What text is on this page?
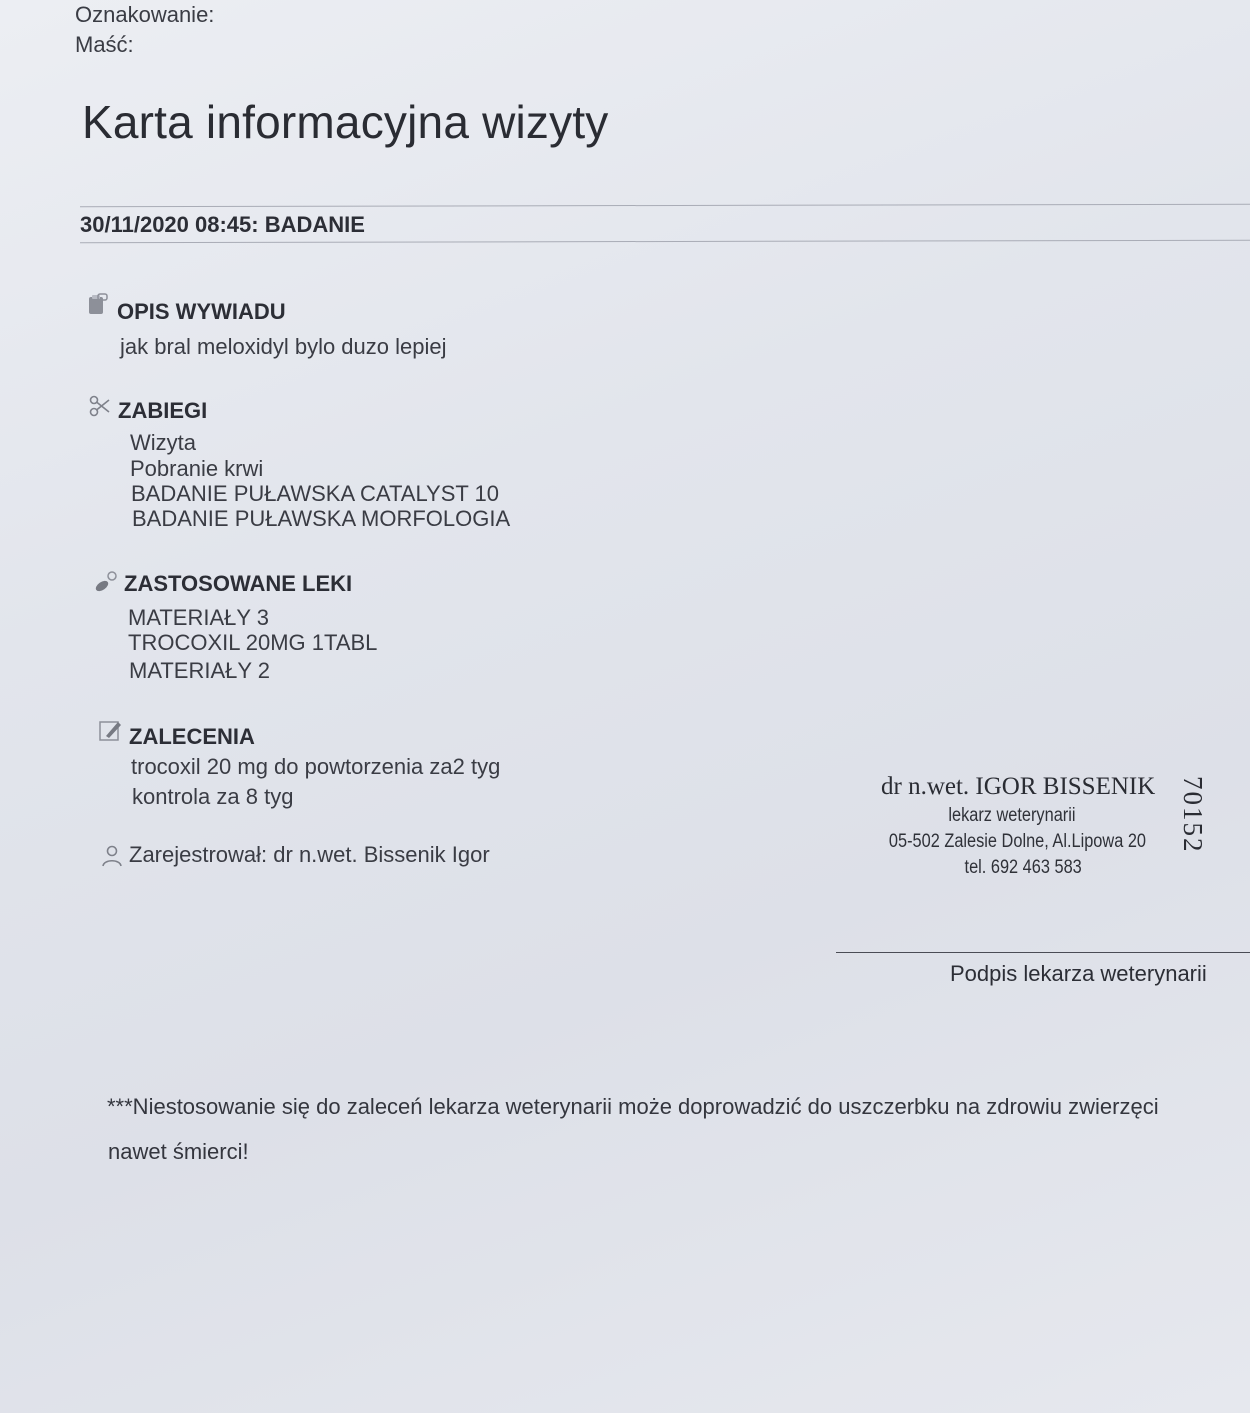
Oznakowanie:
Maść:
Karta informacyjna wizyty
30/11/2020 08:45: BADANIE
OPIS WYWIADU
jak bral meloxidyl bylo duzo lepiej
ZABIEGI
Wizyta
Pobranie krwi
BADANIE PUŁAWSKA CATALYST 10
BADANIE PUŁAWSKA MORFOLOGIA
ZASTOSOWANE LEKI
MATERIAŁY 3
TROCOXIL 20MG 1TABL
MATERIAŁY 2
ZALECENIA
trocoxil 20 mg do powtorzenia za2 tyg
kontrola za 8 tyg
Zarejestrował: dr n.wet. Bissenik Igor
dr n.wet. IGOR BISSENIK
lekarz weterynarii
05-502 Zalesie Dolne, Al.Lipowa 20
tel. 692 463 583
70152
Podpis lekarza weterynarii
***Niestosowanie się do zaleceń lekarza weterynarii może doprowadzić do uszczerbku na zdrowiu zwierzęci
nawet śmierci!
